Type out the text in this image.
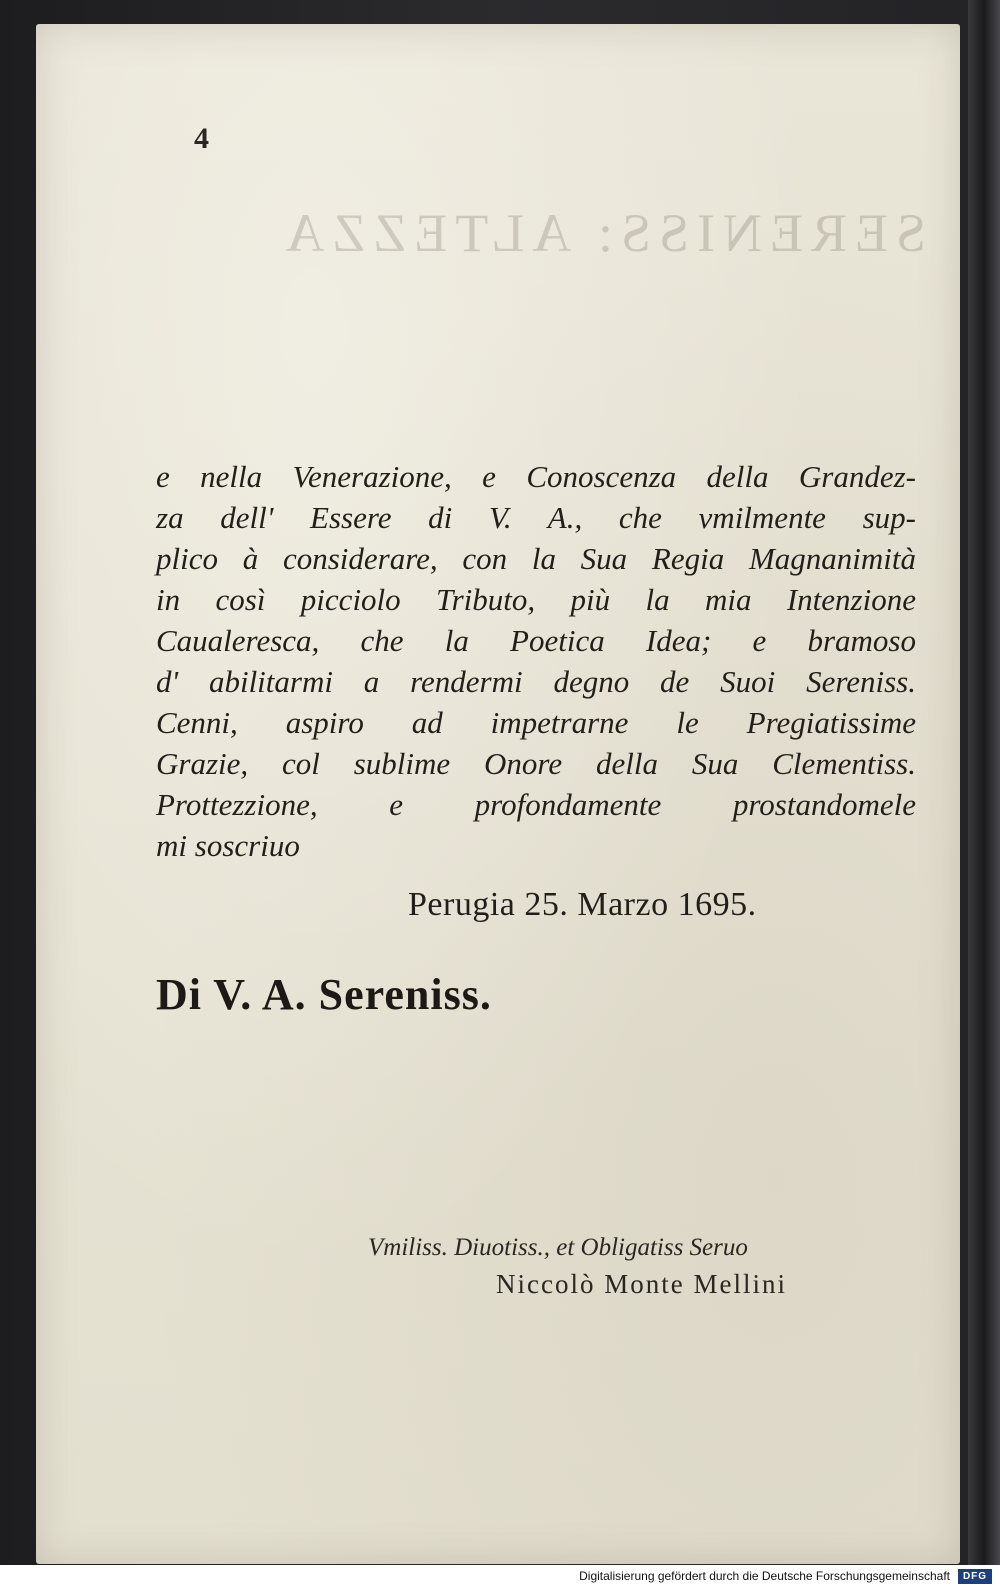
SERENISS: ALTEZZA
4
e nella Venerazione, e Conoscenza della Grandez-
za dell' Essere di V. A., che vmilmente sup-
plico à considerare, con la Sua Regia Magnanimità
in così picciolo Tributo, più la mia Intenzione
Caualeresca, che la Poetica Idea; e bramoso
d' abilitarmi a rendermi degno de Suoi Sereniss.
Cenni, aspiro ad impetrarne le Pregiatissime
Grazie, col sublime Onore della Sua Clementiss.
Prottezzione, e profondamente prostandomele
mi soscriuo
Perugia 25. Marzo 1695.
Di V. A. Sereniss.
Vmiliss. Diuotiss., et Obligatiss Seruo
Niccolò Monte Mellini
Digitalisierung gefördert durch die Deutsche Forschungsgemeinschaft	DFG
